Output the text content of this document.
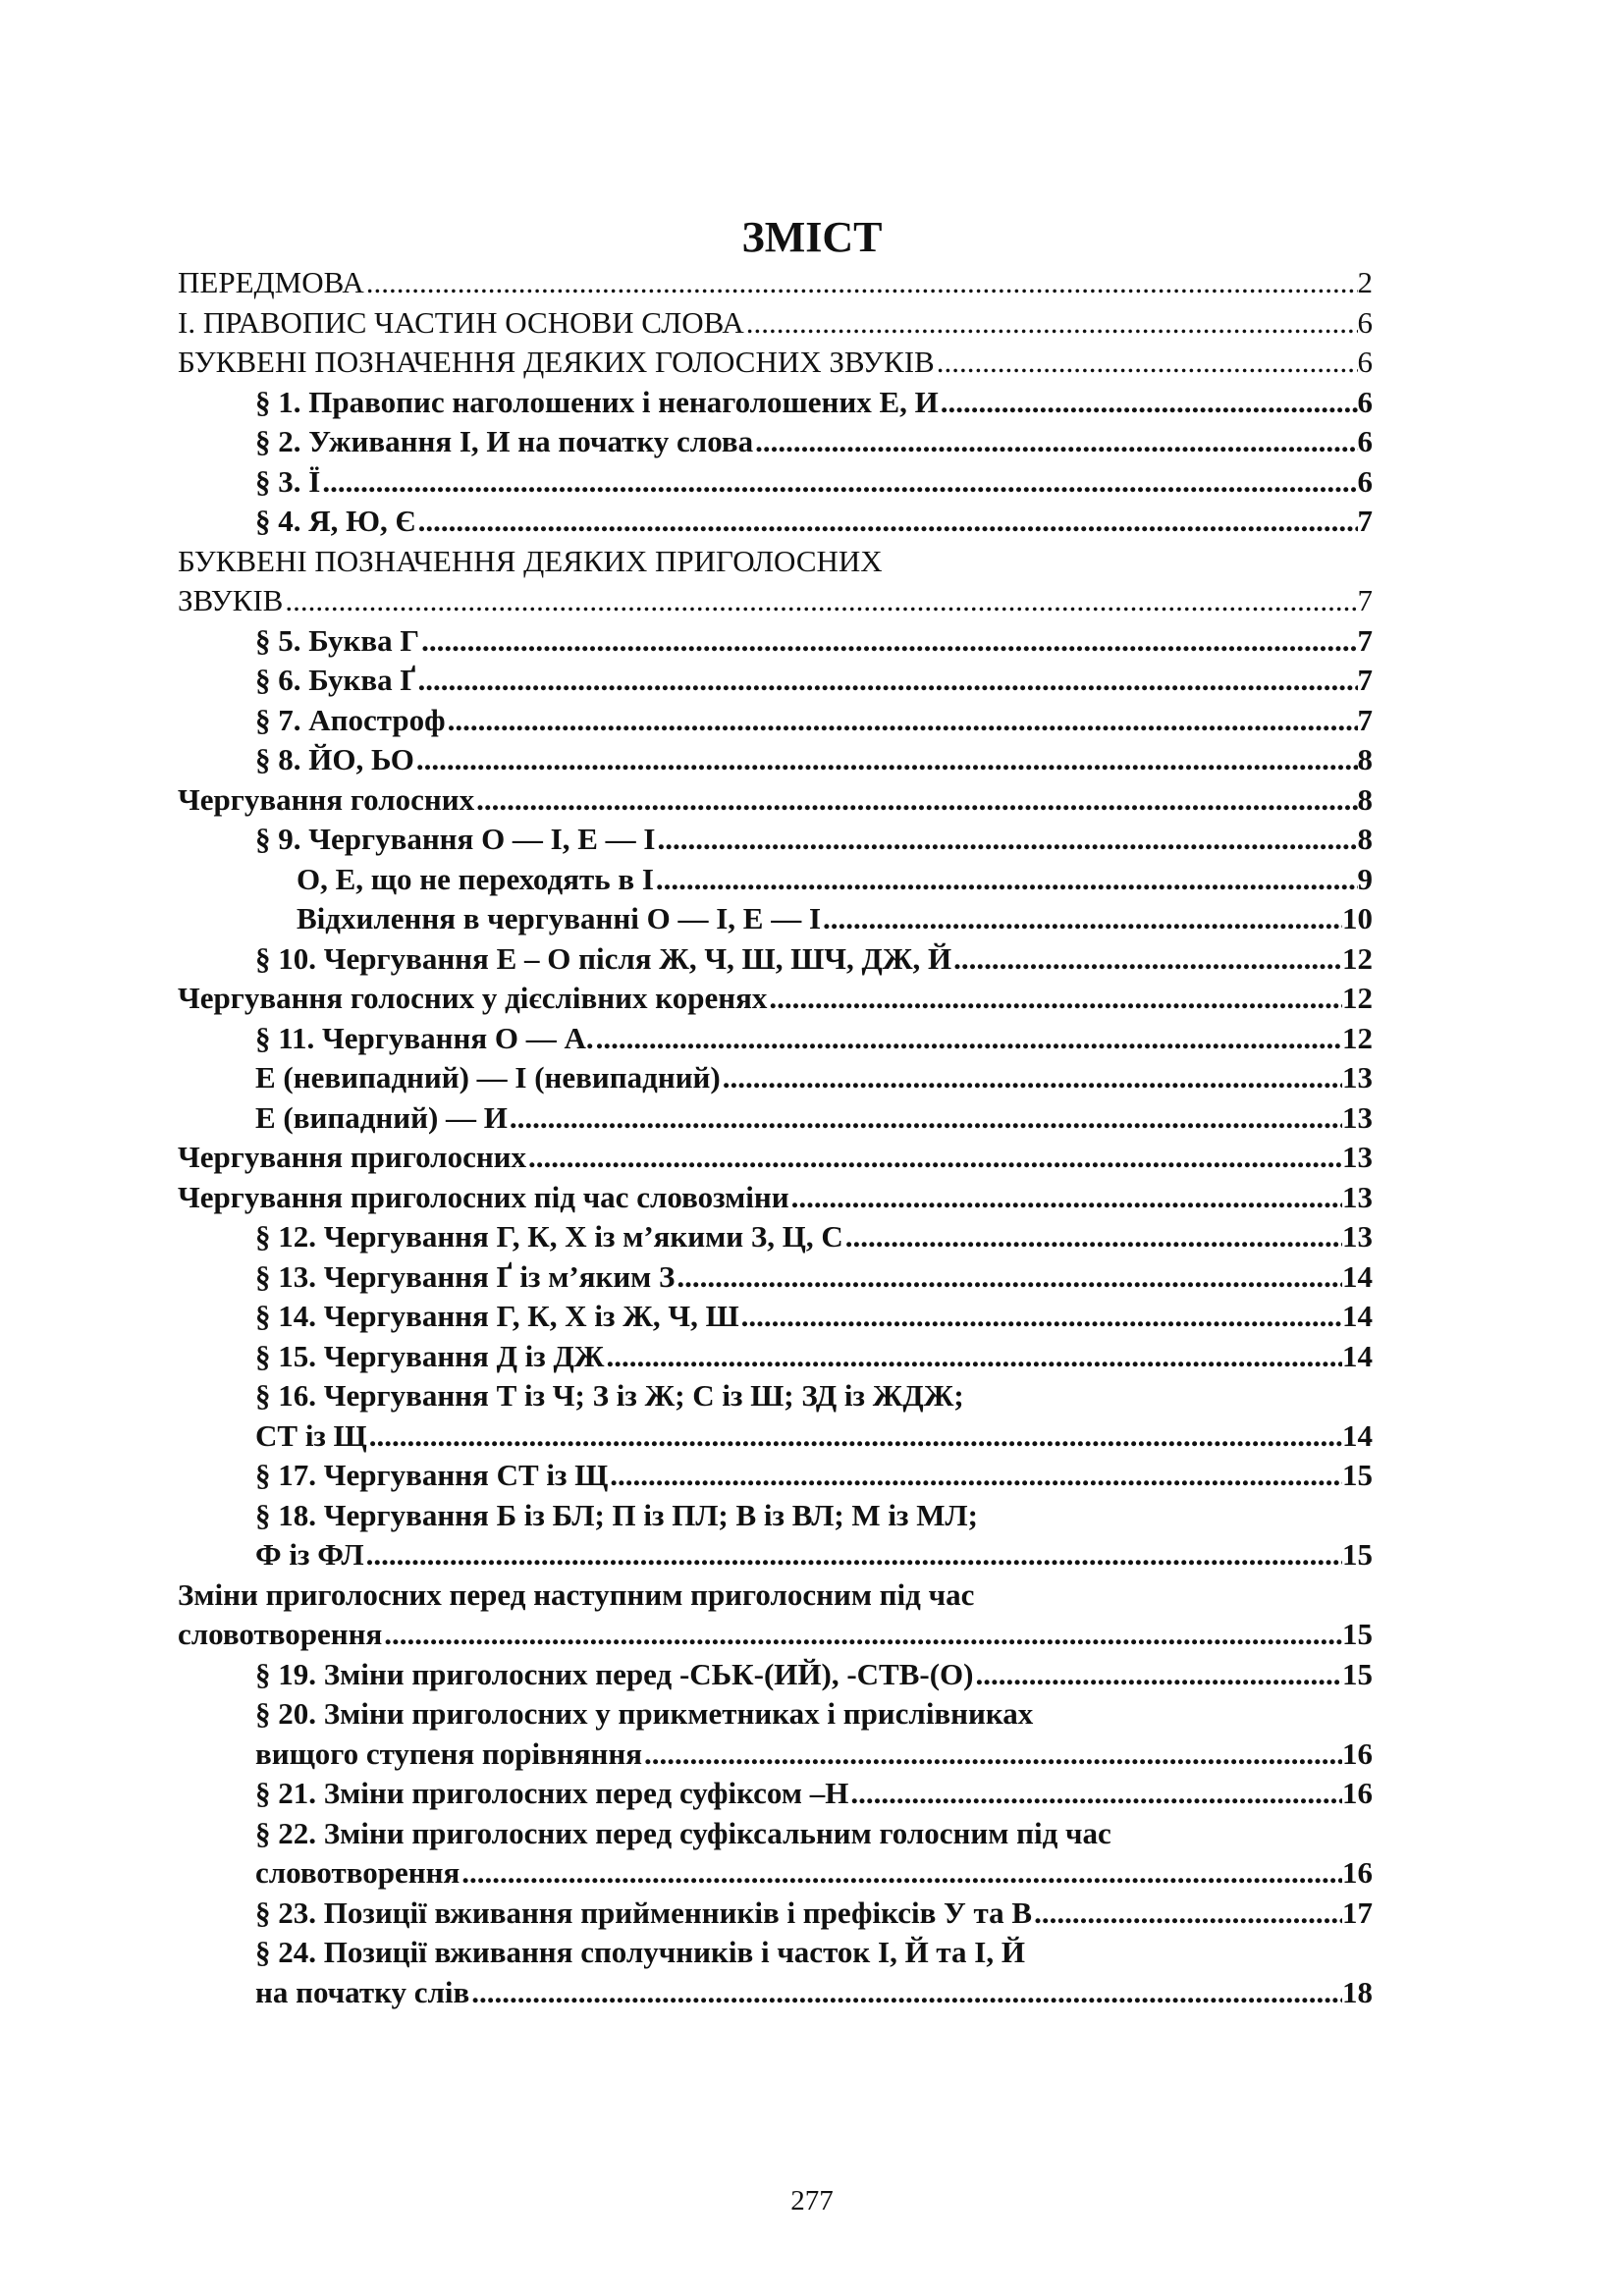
ЗМІСТ
ПЕРЕДМОВА .....	2
І. ПРАВОПИС ЧАСТИН ОСНОВИ СЛОВА .....	6
БУКВЕНІ ПОЗНАЧЕННЯ ДЕЯКИХ ГОЛОСНИХ ЗВУКІВ .....	6
§ 1. Правопис наголошених і ненаголошених Е, И .....	6
§ 2. Уживання І, И на початку слова .....	6
§ 3. Ї .....	6
§ 4. Я, Ю, Є .....	7
БУКВЕНІ ПОЗНАЧЕННЯ ДЕЯКИХ ПРИГОЛОСНИХ
ЗВУКІВ .....	7
§ 5. Буква Г .....	7
§ 6. Буква Ґ .....	7
§ 7. Апостроф .....	7
§ 8. ЙО, ЬО .....	8
Чергування голосних .....	8
§ 9. Чергування О — І, Е — І .....	8
О, Е, що не переходять в І .....	9
Відхилення в чергуванні О — І, Е — І .....	10
§ 10. Чергування Е – О після Ж, Ч, Ш, ШЧ, ДЖ, Й .....	12
Чергування голосних у дієслівних коренях .....	12
§ 11. Чергування О — А. .....	12
Е (невипадний) — І (невипадний) .....	13
Е (випадний) — И .....	13
Чергування приголосних .....	13
Чергування приголосних під час словозміни .....	13
§ 12. Чергування Г, К, Х із м’якими З, Ц, С .....	13
§ 13. Чергування Ґ із м’яким З .....	14
§ 14. Чергування Г, К, Х із Ж, Ч, Ш .....	14
§ 15. Чергування Д із ДЖ .....	14
§ 16. Чергування Т із Ч; З із Ж; С із Ш; ЗД із ЖДЖ;
СТ із Щ .....	14
§ 17. Чергування СТ із Щ .....	15
§ 18. Чергування Б із БЛ; П із ПЛ; В із ВЛ; М із МЛ;
Ф із ФЛ .....	15
Зміни приголосних перед наступним приголосним під час
словотворення .....	15
§ 19. Зміни приголосних перед -СЬК-(ИЙ), -СТВ-(О) .....	15
§ 20. Зміни приголосних у прикметниках і прислівниках
вищого ступеня порівняння .....	16
§ 21. Зміни приголосних перед суфіксом –Н .....	16
§ 22. Зміни приголосних перед суфіксальним голосним під час
словотворення .....	16
§ 23. Позиції вживання прийменників і префіксів У та В .....	17
§ 24. Позиції вживання сполучників і часток І, Й та І, Й
на початку слів .....	18
277
